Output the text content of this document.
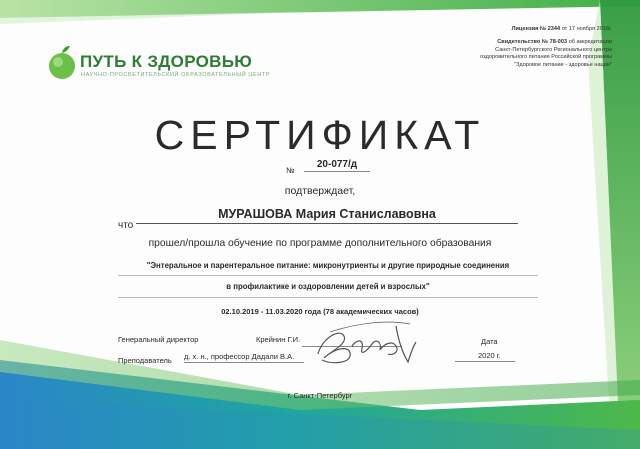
ПУТЬ К ЗДОРОВЬЮ
НАУЧНО-ПРОСВЕТИТЕЛЬСКИЙ ОБРАЗОВАТЕЛЬНЫЙ ЦЕНТР
Лицензия № 2344 от 17 ноября 2016г.
Свидетельство № 78-003 об аккредитации
Санкт-Петербургского Регионального центра
оздоровительного питания Российской программы
"Здоровое питание - здоровье нации"
СЕРТИФИКАТ
№
20-077/д
подтверждает,
что
МУРАШОВА Мария Станиславовна
прошел/прошла обучение по программе дополнительного образования
"Энтеральное и парентеральное питание: микронутриенты и другие природные соединения
в профилактике и оздоровлении детей и взрослых"
02.10.2019 - 11.03.2020 года (78 академических часов)
Генеральный директор	Крейнин Г.И.
Преподаватель д. х. н., профессор Дадали В.А.
Дата
2020 г.
г. Санкт-Петербург
